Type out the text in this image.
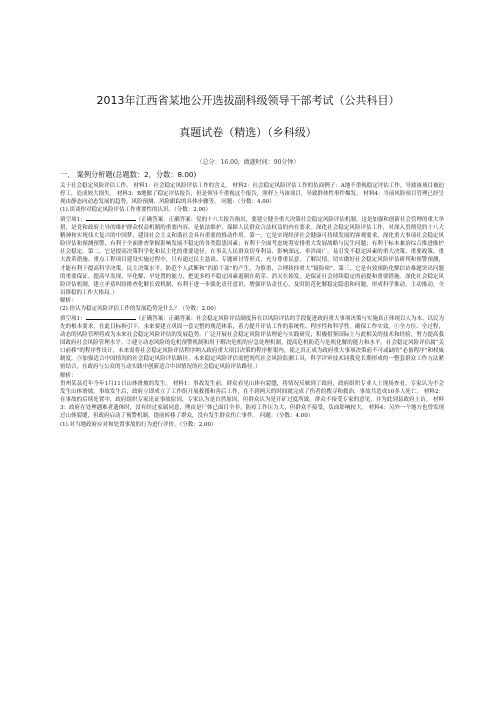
2013年江西省某地公开选拔副科级领导干部考试（公共科目）
真题试卷（精选）（乡科级）
（总分：16.00，做题时间：90分钟）
一、 案例分析题(总题数：2，分数：8.00)

关于社会稳定风险评估工作。 材料1：社会稳定风险评估工作的含义。 材料2：社会稳定风险评估工作的负面例子：A地不重视稳定评估工作，导致该项目被迫停工，造成较大损失。 材料3：B地做了稳定评估报告，但是领导不重视这个报告，照样上马该项目，导致群体性事件爆发。 材料4：当前风险项目管理已经呈现由静态向动态发展的趋势，风险预测、风险跟踪的具体步骤等。 问题：（分数：4.00）

(1).谈谈你对稳定风险评估工作重要性的认识。（分数：2.00）

填空项1：	（正确答案：正确答案：党的十八大报告指出，要建立健全重大决策社会稳定风险评估机制。这是加强和创新社会管理的重大举措，是党和政府主导的维护群众权益机制的重要内容，是依法维护、保障人民群众合法权益的内在要求。深化社会稳定风险评估工作，对深入贯彻党的十八大精神和实现伟大复兴的中国梦、建设社会主义和谐社会具有重要的推动作用。第一，它是实现经济社会健康可持续发展的客观要求。深化重大事项社会稳定风险评估和预测预警，有利于全面排查掌握影响发展不稳定的各类隐患因素；有利于全面考虑统筹安排重大发展战略与民生问题；有利于标本兼治综合推进维护社会稳定。第二，它是提高决策科学化和民主化的重要途径。在事关人民群众切身利益、影响深远、牵涉面广，易引发不稳定因素的重大决策、重要政策、重大改革措施、重点工程项目建设实施过程中，只有通过民主恳谈、专题研讨等形式，充分尊重民意，了解民情，切实做好社会稳定风险评估研判和预警预测，才能有利于提高科学决策、民主决策水平，防范个人武断和“四拍干部”的产生，为慎重、合理抉择重大“疑险项”。第三，它是有效预防化解信访难题突出问题的重要保证。提高早发现、早化解、早处置的能力，把更多的不稳定因素遏制在萌芽、消灭在始发，是保证社会持续稳定的前提和重要措施。深化社会稳定风险评估机制，建立矛盾纠纷排查化解长效机制，有利于进一步强化责任意识，增强评估责任心，及时防范化解稳定隐患和问题，形成科学推动，主动推动，全员维稳的工作大格局。）

解析：

(2).你认为稳定风险评估工作的发展趋势是什么？（分数：2.00）

填空项1：	（正确答案：正确答案：社会稳定风险评估制度旨在以风险评估的手段促进政府重大事项决策与实施真正体现以人为本、以民为先的根本要求，在此目标指引下，未来要建立巩固一套完整的规范体系，着力提升评估工作的系统性、程序性和科学性，确保工作实效。①全方位、全过程，动态的风险管理将成为未来社会稳定风险评估的发展趋势。广泛开展社会稳定风险评估理论与实践研究，积极借鉴国际上与此相关的技术和经验，努力提高我国政府社会风险管理水平。②建立动态风险的危机预警机制和用于解决危机的应急处理机制，提高危机防范与危机化解的能力和水平，社会稳定风险评估属“关口前移”的程序性设计，未来需将社会稳定风险评估程序纳入政府重大项目决策的程序框架内，使之真正成为政府重大事项决策前不可或缺的“必备程序”和权威制度。③加强适合中国情况的社会稳定风险评估路径。未来稳定风险评估需把现代社会风险监测工具，科学评审技术同我党长期形成的一整套群众工作方法紧密结合，在政府与公众的互动实践中创新适合中国情况的社会稳定风险评估路径。）

解析：

贵州某县近年今年1月11日山体滑坡的发生。 材料1：事故发生前，群众看见山体有裂缝，将情况反映到了政府，政府组织专业人士现场查看，专家认为不会发生山体滑坡。事故发生后，政府立即成立了工作组开展救援和善后工作，在不到两天的时间就完成了伤者的搜寻和救治，事故共造成10多人死亡。 材料2：在事故的后续处置中，政府组织专家论证事故原因，专家认为是自然原因，但群众认为是开矿过度所致。群众不接受专家的意见，并为此到县政府上访。 材料3：政府在处理遇难者遗体时，没有经过家属同意，理由是尸体已面目全非，防疫工作压力大，但群众不接受，负面影响较大。 材料4：另外一个地方也曾发现过山体裂缝，但政府启动了预警机制，提前转移了群众，没有发生群众伤亡事件。 问题：（分数：4.00）

(1).对当地政府应对和处置事故的行为进行评价。（分数：2.00）
